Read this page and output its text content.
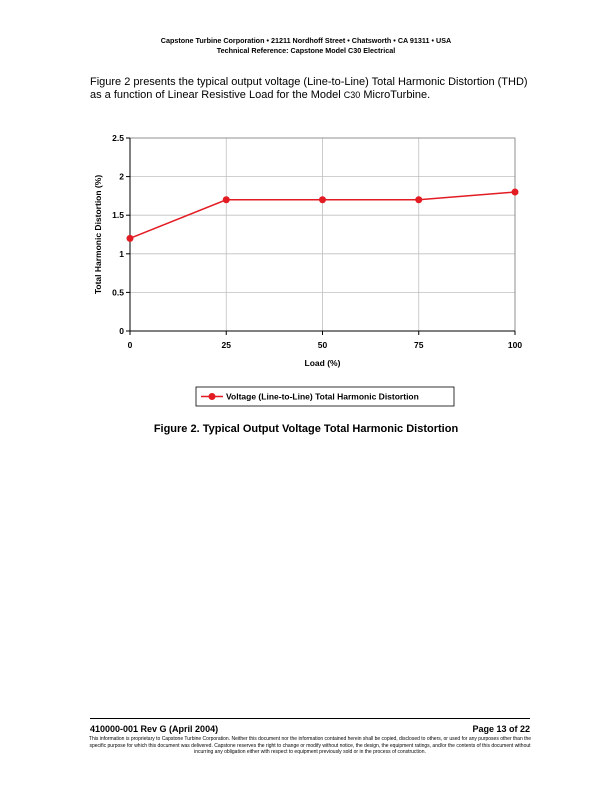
Capstone Turbine Corporation • 21211 Nordhoff Street • Chatsworth • CA 91311 • USA
Technical Reference: Capstone Model C30 Electrical
Figure 2 presents the typical output voltage (Line-to-Line) Total Harmonic Distortion (THD) as a function of Linear Resistive Load for the Model C30 MicroTurbine.
0
0.5
1
1.5
2
2.5
0	25	50	75	100
Load (%)
Total Harmonic Distortion (%)
Voltage (Line-to-Line) Total Harmonic Distortion
Figure 2. Typical Output Voltage Total Harmonic Distortion
410000-001 Rev G (April 2004)	Page 13 of 22
This information is proprietary to Capstone Turbine Corporation. Neither this document nor the information contained herein shall be copied, disclosed to others, or used for any purposes other than the specific purpose for which this document was delivered. Capstone reserves the right to change or modify without notice, the design, the equipment ratings, and/or the contents of this document without incurring any obligation either with respect to equipment previously sold or in the process of construction.
